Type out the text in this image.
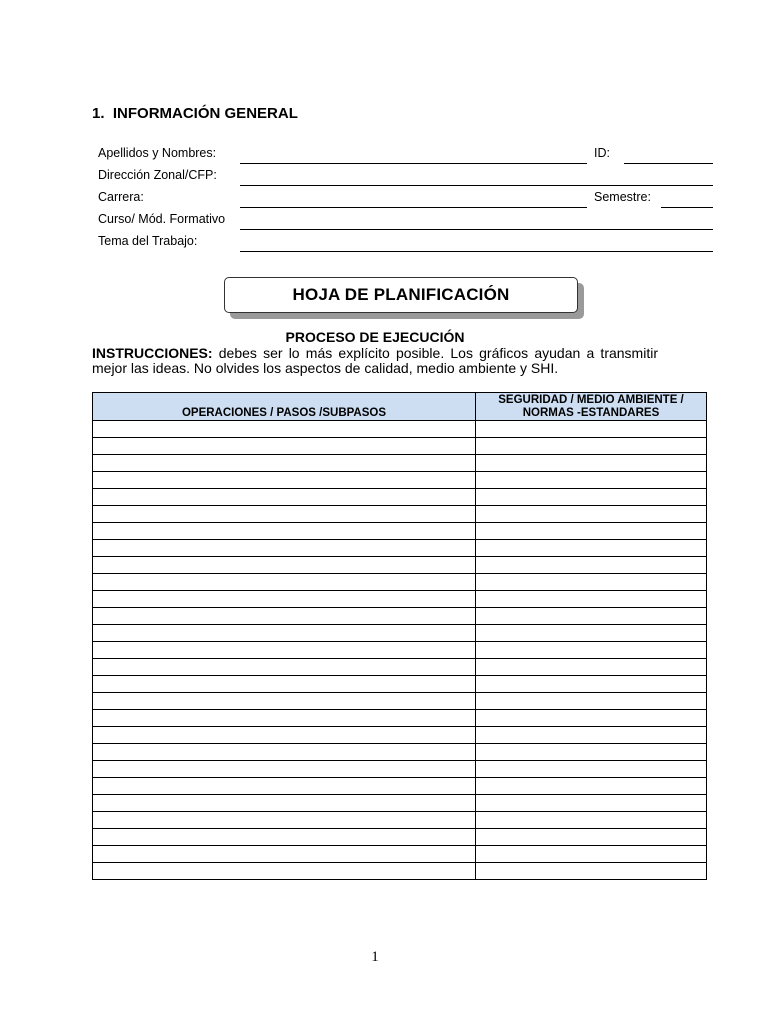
1. INFORMACIÓN GENERAL
Apellidos y Nombres:	ID:
Dirección Zonal/CFP:
Carrera:	Semestre:
Curso/ Mód. Formativo
Tema del Trabajo:
HOJA DE PLANIFICACIÓN
PROCESO DE EJECUCIÓN
INSTRUCCIONES: debes ser lo más explícito posible. Los gráficos ayudan a transmitir mejor las ideas. No olvides los aspectos de calidad, medio ambiente y SHI.
OPERACIONES / PASOS /SUBPASOS	SEGURIDAD / MEDIO AMBIENTE /
NORMAS -ESTANDARES

1
